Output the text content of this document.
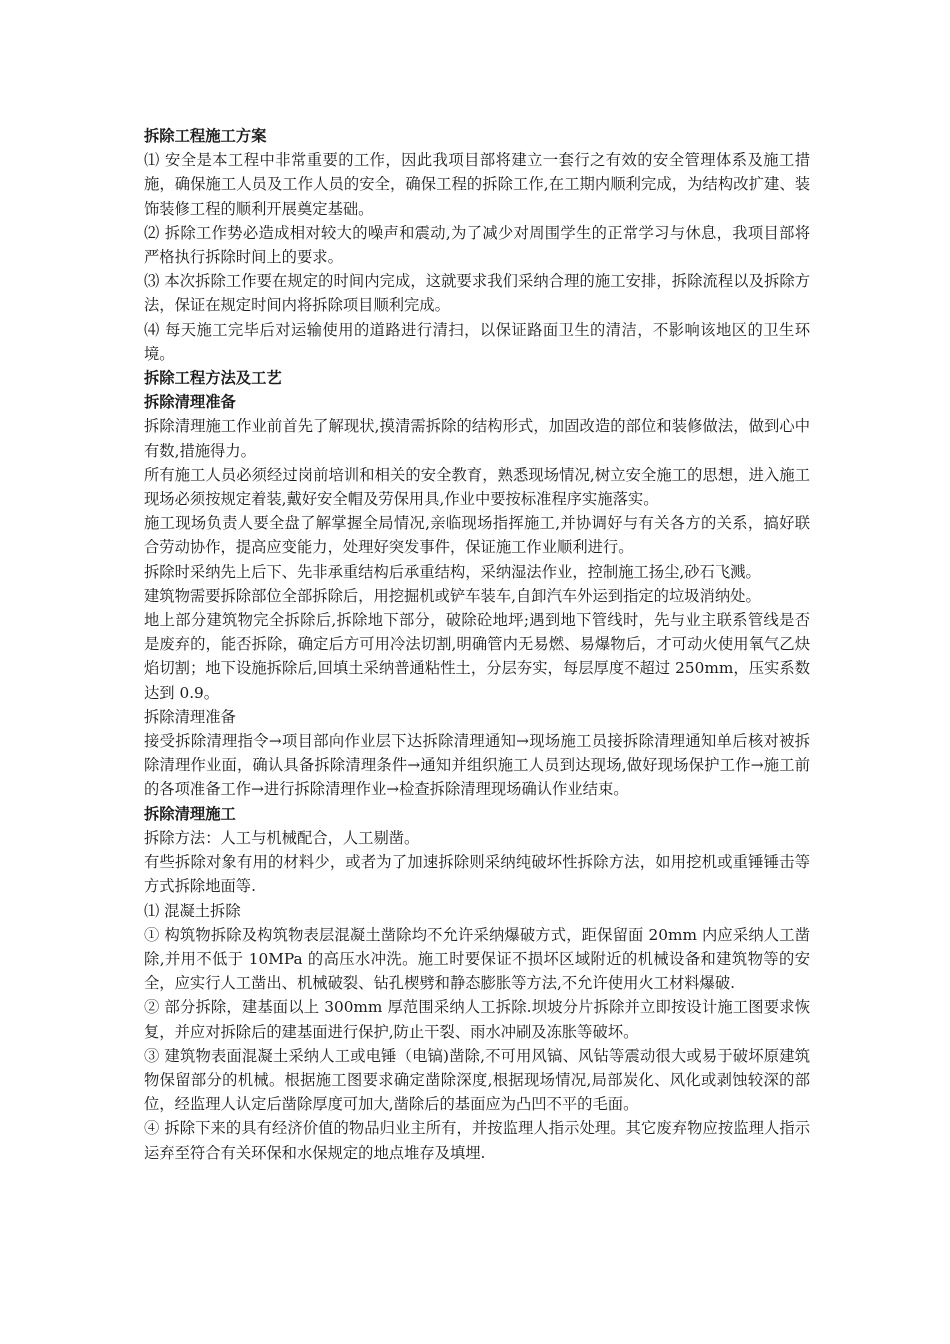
拆除工程施工方案

⑴ 安全是本工程中非常重要的工作，因此我项目部将建立一套行之有效的安全管理体系及施工措施，确保施工人员及工作人员的安全，确保工程的拆除工作,在工期内顺利完成，为结构改扩建、装饰装修工程的顺利开展奠定基础。

⑵ 拆除工作势必造成相对较大的噪声和震动,为了减少对周围学生的正常学习与休息，我项目部将严格执行拆除时间上的要求。

⑶ 本次拆除工作要在规定的时间内完成，这就要求我们采纳合理的施工安排，拆除流程以及拆除方法，保证在规定时间内将拆除项目顺利完成。

⑷ 每天施工完毕后对运输使用的道路进行清扫，以保证路面卫生的清洁，不影响该地区的卫生环境。

拆除工程方法及工艺

拆除清理准备

拆除清理施工作业前首先了解现状,摸清需拆除的结构形式，加固改造的部位和装修做法，做到心中有数,措施得力。

所有施工人员必须经过岗前培训和相关的安全教育，熟悉现场情况,树立安全施工的思想，进入施工现场必须按规定着装,戴好安全帽及劳保用具,作业中要按标准程序实施落实。

施工现场负责人要全盘了解掌握全局情况,亲临现场指挥施工,并协调好与有关各方的关系，搞好联合劳动协作，提高应变能力，处理好突发事件，保证施工作业顺利进行。

拆除时采纳先上后下、先非承重结构后承重结构，采纳湿法作业，控制施工扬尘,砂石飞溅。

建筑物需要拆除部位全部拆除后，用挖掘机或铲车装车,自卸汽车外运到指定的垃圾消纳处。

地上部分建筑物完全拆除后,拆除地下部分，破除砼地坪;遇到地下管线时，先与业主联系管线是否是废弃的，能否拆除，确定后方可用冷法切割,明确管内无易燃、易爆物后，才可动火使用氧气乙炔焰切割；地下设施拆除后,回填土采纳普通粘性土，分层夯实，每层厚度不超过 250mm，压实系数达到 0.9。

拆除清理准备

接受拆除清理指令→项目部向作业层下达拆除清理通知→现场施工员接拆除清理通知单后核对被拆除清理作业面，确认具备拆除清理条件→通知并组织施工人员到达现场,做好现场保护工作→施工前的各项准备工作→进行拆除清理作业→检查拆除清理现场确认作业结束。

拆除清理施工

拆除方法：人工与机械配合，人工剔凿。

有些拆除对象有用的材料少，或者为了加速拆除则采纳纯破坏性拆除方法，如用挖机或重锤锤击等方式拆除地面等.

⑴ 混凝土拆除

① 构筑物拆除及构筑物表层混凝土凿除均不允许采纳爆破方式，距保留面 20mm 内应采纳人工凿除,并用不低于 10MPa 的高压水冲洗。施工时要保证不损坏区域附近的机械设备和建筑物等的安全，应实行人工凿出、机械破裂、钻孔楔劈和静态膨胀等方法,不允许使用火工材料爆破.

② 部分拆除，建基面以上 300mm 厚范围采纳人工拆除.坝坡分片拆除并立即按设计施工图要求恢复，并应对拆除后的建基面进行保护,防止干裂、雨水冲刷及冻胀等破坏。

③ 建筑物表面混凝土采纳人工或电锤（电镐)凿除,不可用风镐、风钻等震动很大或易于破坏原建筑物保留部分的机械。根据施工图要求确定凿除深度,根据现场情况,局部炭化、风化或剥蚀较深的部位，经监理人认定后凿除厚度可加大,凿除后的基面应为凸凹不平的毛面。

④ 拆除下来的具有经济价值的物品归业主所有，并按监理人指示处理。其它废弃物应按监理人指示运弃至符合有关环保和水保规定的地点堆存及填埋.
